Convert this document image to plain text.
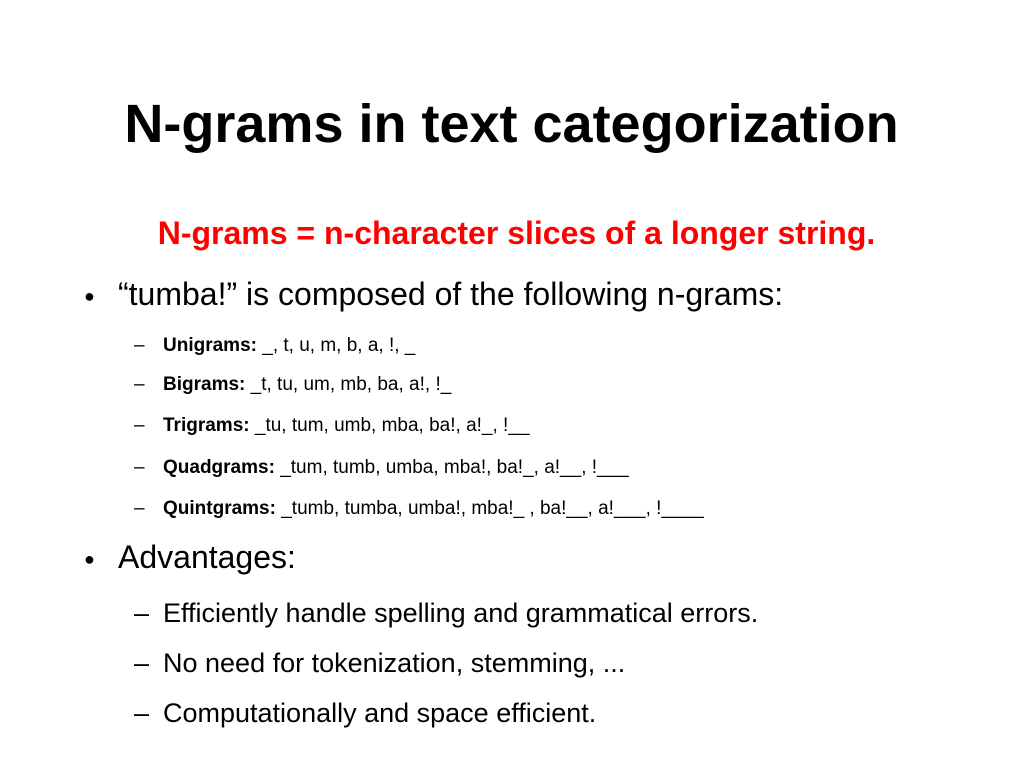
N-grams in text categorization
N-grams = n-character slices of a longer string.
● “tumba!” is composed of the following n-grams:
– Unigrams: _, t, u, m, b, a, !, _
– Bigrams: _t, tu, um, mb, ba, a!, !_
– Trigrams: _tu, tum, umb, mba, ba!, a!_, !__
– Quadgrams: _tum, tumb, umba, mba!, ba!_, a!__, !___
– Quintgrams: _tumb, tumba, umba!, mba!_ , ba!__, a!___, !____
● Advantages:
– Efficiently handle spelling and grammatical errors.
– No need for tokenization, stemming, ...
– Computationally and space efficient.
